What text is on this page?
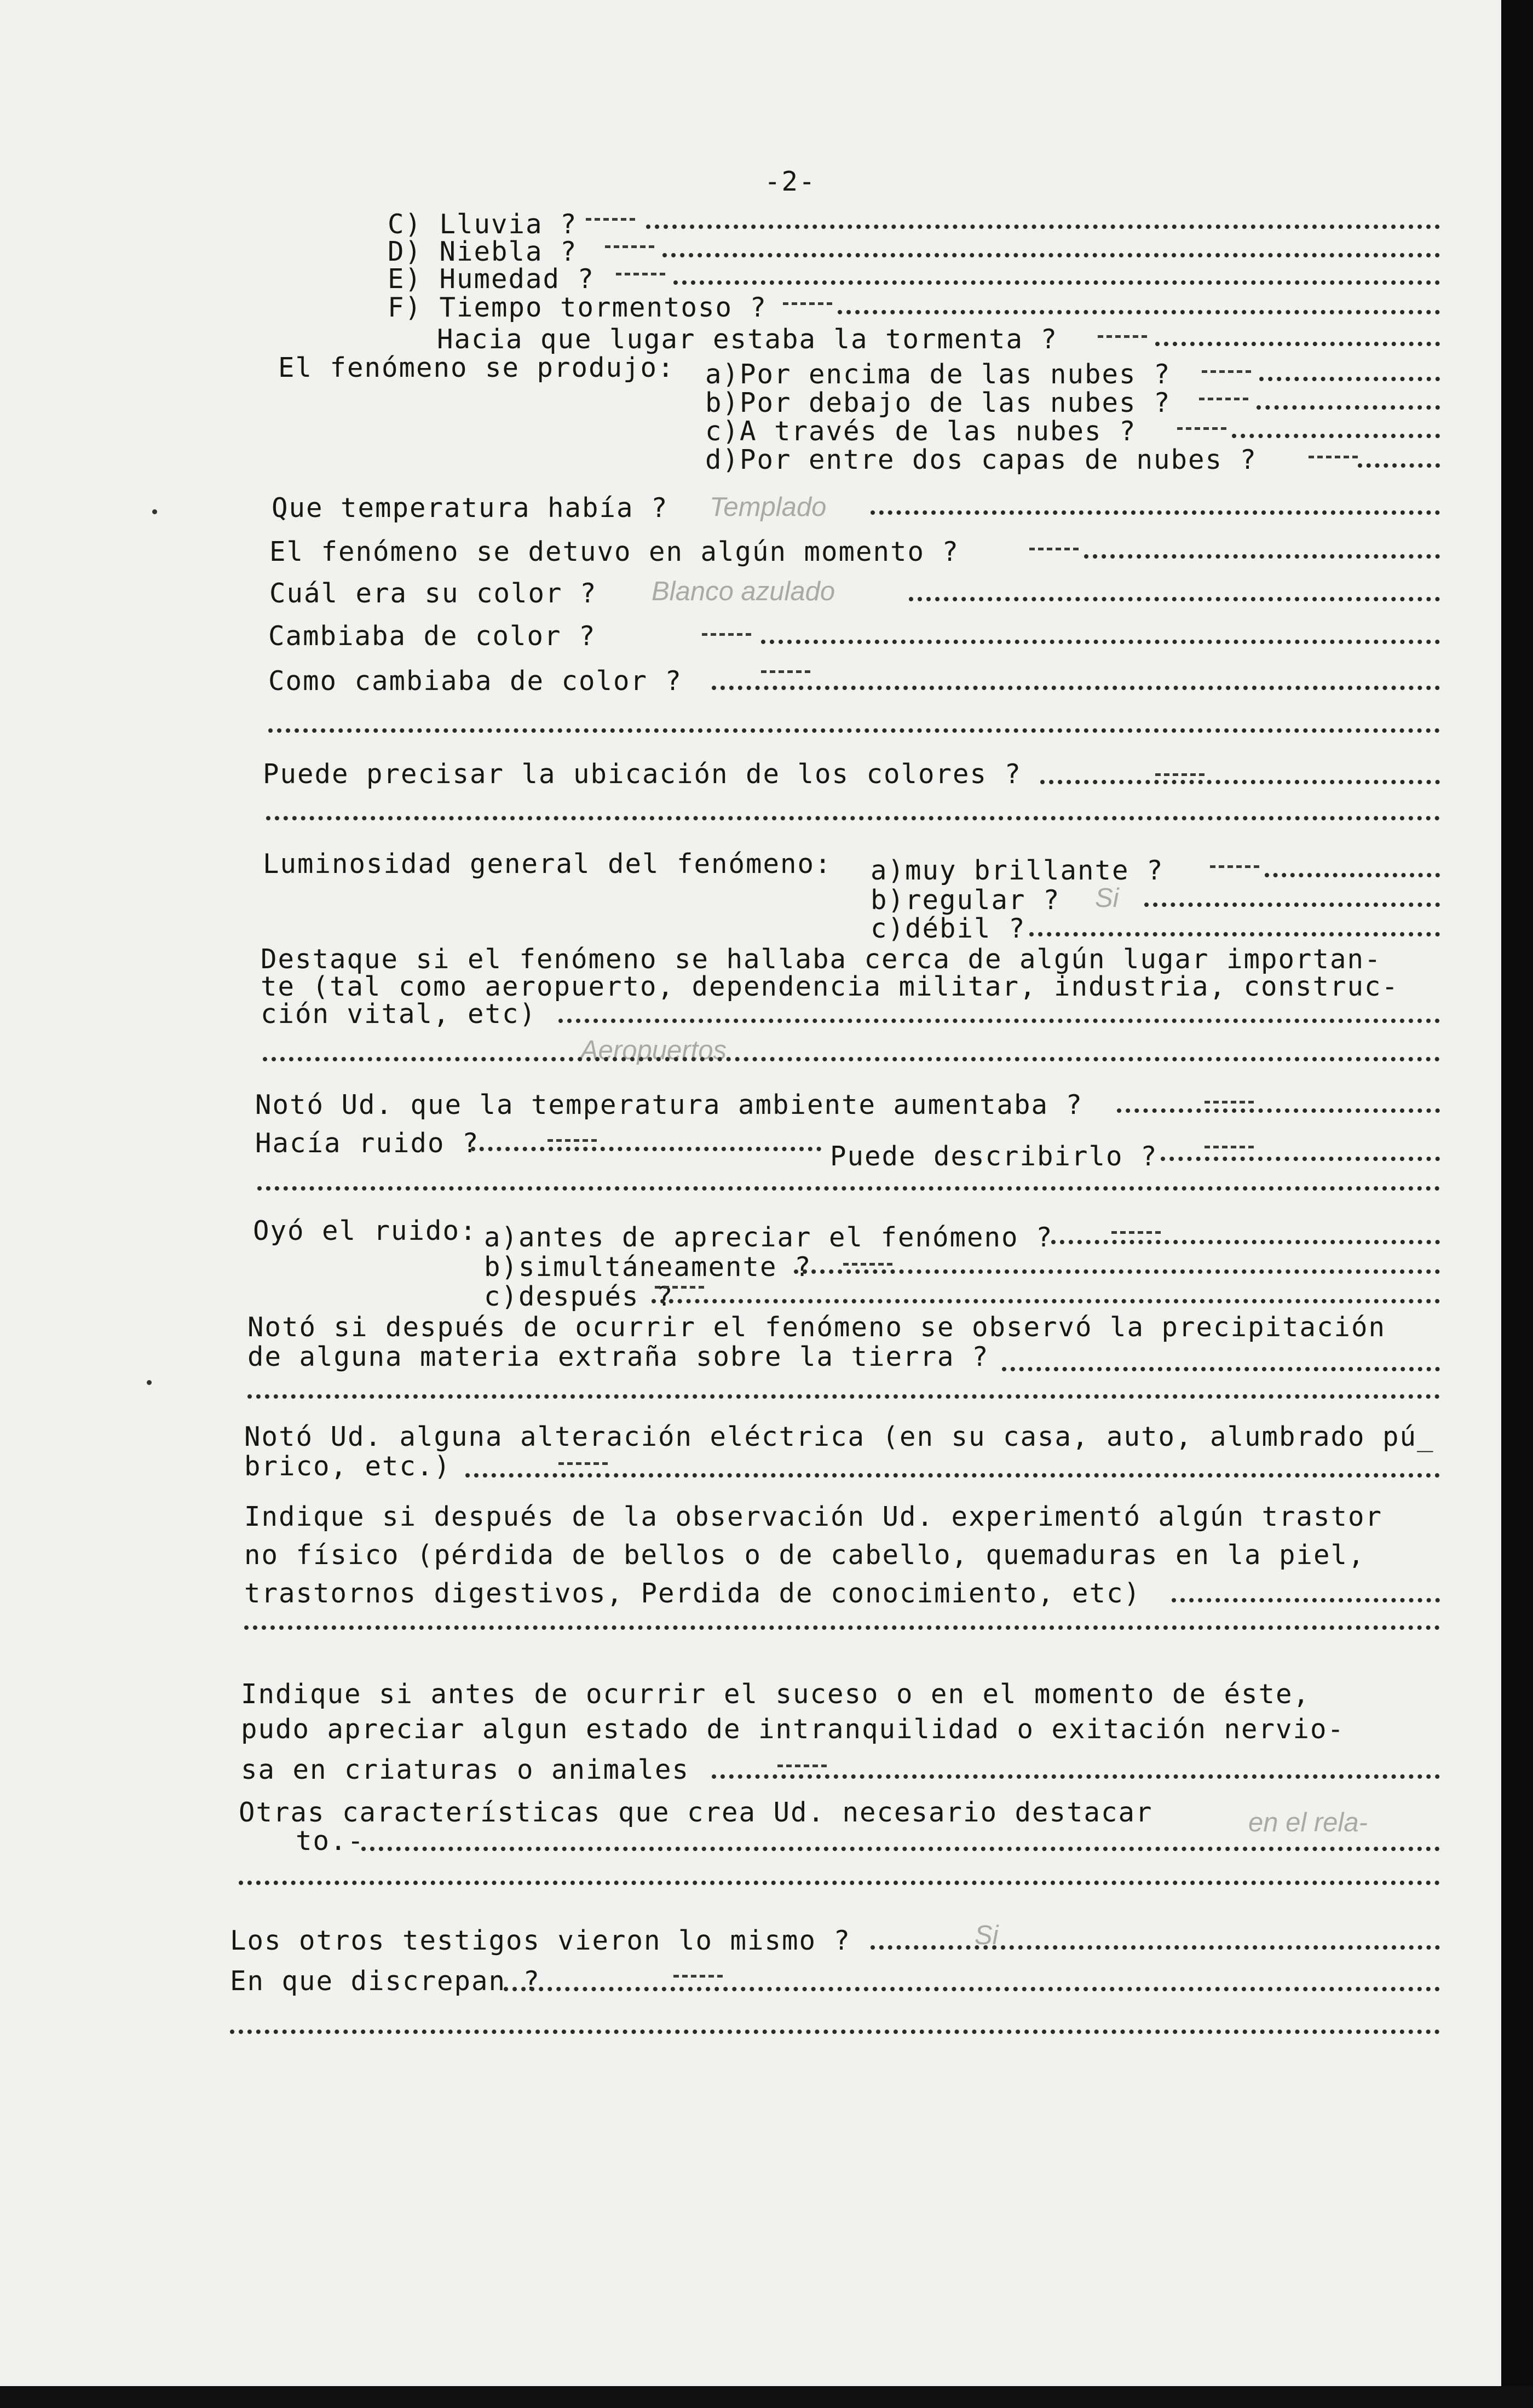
-2-
C) Lluvia ?
D) Niebla ?
E) Humedad ?
F) Tiempo tormentoso ?
Hacia que lugar estaba la tormenta ?
El fenómeno se produjo: a)Por encima de las nubes ?
b)Por debajo de las nubes ?
c)A través de las nubes ?
d)Por entre dos capas de nubes ?
Que temperatura había ? Templado
El fenómeno se detuvo en algún momento ?
Cuál era su color ? Blanco azulado
Cambiaba de color ?
Como cambiaba de color ?
Puede precisar la ubicación de los colores ?
Luminosidad general del fenómeno: a)muy brillante ?
b)regular ? Si
c)débil ?
Destaque si el fenómeno se hallaba cerca de algún lugar importan-
te (tal como aeropuerto, dependencia militar, industria, construc-
ción vital, etc)
Aeropuertos
Notó Ud. que la temperatura ambiente aumentaba ?
Hacía ruido ?	Puede describirlo ?
Oyó el ruido: a)antes de apreciar el fenómeno ?
b)simultáneamente ?
c)después ?
Notó si después de ocurrir el fenómeno se observó la precipitación
de alguna materia extraña sobre la tierra ?
Notó Ud. alguna alteración eléctrica (en su casa, auto, alumbrado pú_
brico, etc.)
Indique si después de la observación Ud. experimentó algún trastor
no físico (pérdida de bellos o de cabello, quemaduras en la piel,
trastornos digestivos, Perdida de conocimiento, etc)
Indique si antes de ocurrir el suceso o en el momento de éste,
pudo apreciar algun estado de intranquilidad o exitación nervio-
sa en criaturas o animales
Otras características que crea Ud. necesario destacar	en el rela-
to.-
Los otros testigos vieron lo mismo ?	Si
En que discrepan ?
